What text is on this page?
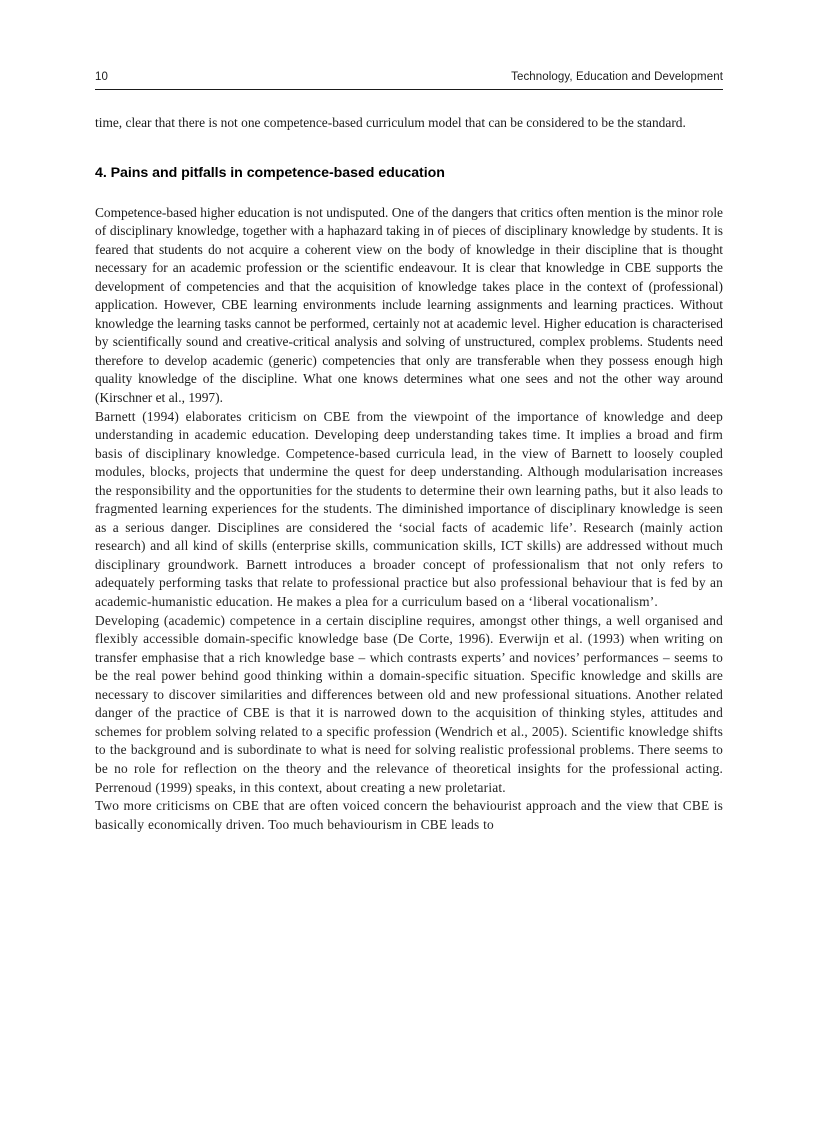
10	Technology, Education and Development

time, clear that there is not one competence-based curriculum model that can be considered to be the standard.

4. Pains and pitfalls in competence-based education

Competence-based higher education is not undisputed. One of the dangers that critics often mention is the minor role of disciplinary knowledge, together with a haphazard taking in of pieces of disciplinary knowledge by students. It is feared that students do not acquire a coherent view on the body of knowledge in their discipline that is thought necessary for an academic profession or the scientific endeavour. It is clear that knowledge in CBE supports the development of competencies and that the acquisition of knowledge takes place in the context of (professional) application. However, CBE learning environments include learning assignments and learning practices. Without knowledge the learning tasks cannot be performed, certainly not at academic level. Higher education is characterised by scientifically sound and creative-critical analysis and solving of unstructured, complex problems. Students need therefore to develop academic (generic) competencies that only are transferable when they possess enough high quality knowledge of the discipline. What one knows determines what one sees and not the other way around (Kirschner et al., 1997).

Barnett (1994) elaborates criticism on CBE from the viewpoint of the importance of knowledge and deep understanding in academic education. Developing deep understanding takes time. It implies a broad and firm basis of disciplinary knowledge. Competence-based curricula lead, in the view of Barnett to loosely coupled modules, blocks, projects that undermine the quest for deep understanding. Although modularisation increases the responsibility and the opportunities for the students to determine their own learning paths, but it also leads to fragmented learning experiences for the students. The diminished importance of disciplinary knowledge is seen as a serious danger. Disciplines are considered the ‘social facts of academic life’. Research (mainly action research) and all kind of skills (enterprise skills, communication skills, ICT skills) are addressed without much disciplinary groundwork. Barnett introduces a broader concept of professionalism that not only refers to adequately performing tasks that relate to professional practice but also professional behaviour that is fed by an academic-humanistic education. He makes a plea for a curriculum based on a ‘liberal vocationalism’.

Developing (academic) competence in a certain discipline requires, amongst other things, a well organised and flexibly accessible domain-specific knowledge base (De Corte, 1996). Everwijn et al. (1993) when writing on transfer emphasise that a rich knowledge base – which contrasts experts’ and novices’ performances – seems to be the real power behind good thinking within a domain-specific situation. Specific knowledge and skills are necessary to discover similarities and differences between old and new professional situations. Another related danger of the practice of CBE is that it is narrowed down to the acquisition of thinking styles, attitudes and schemes for problem solving related to a specific profession (Wendrich et al., 2005). Scientific knowledge shifts to the background and is subordinate to what is need for solving realistic professional problems. There seems to be no role for reflection on the theory and the relevance of theoretical insights for the professional acting. Perrenoud (1999) speaks, in this context, about creating a new proletariat.

Two more criticisms on CBE that are often voiced concern the behaviourist approach and the view that CBE is basically economically driven. Too much behaviourism in CBE leads to
